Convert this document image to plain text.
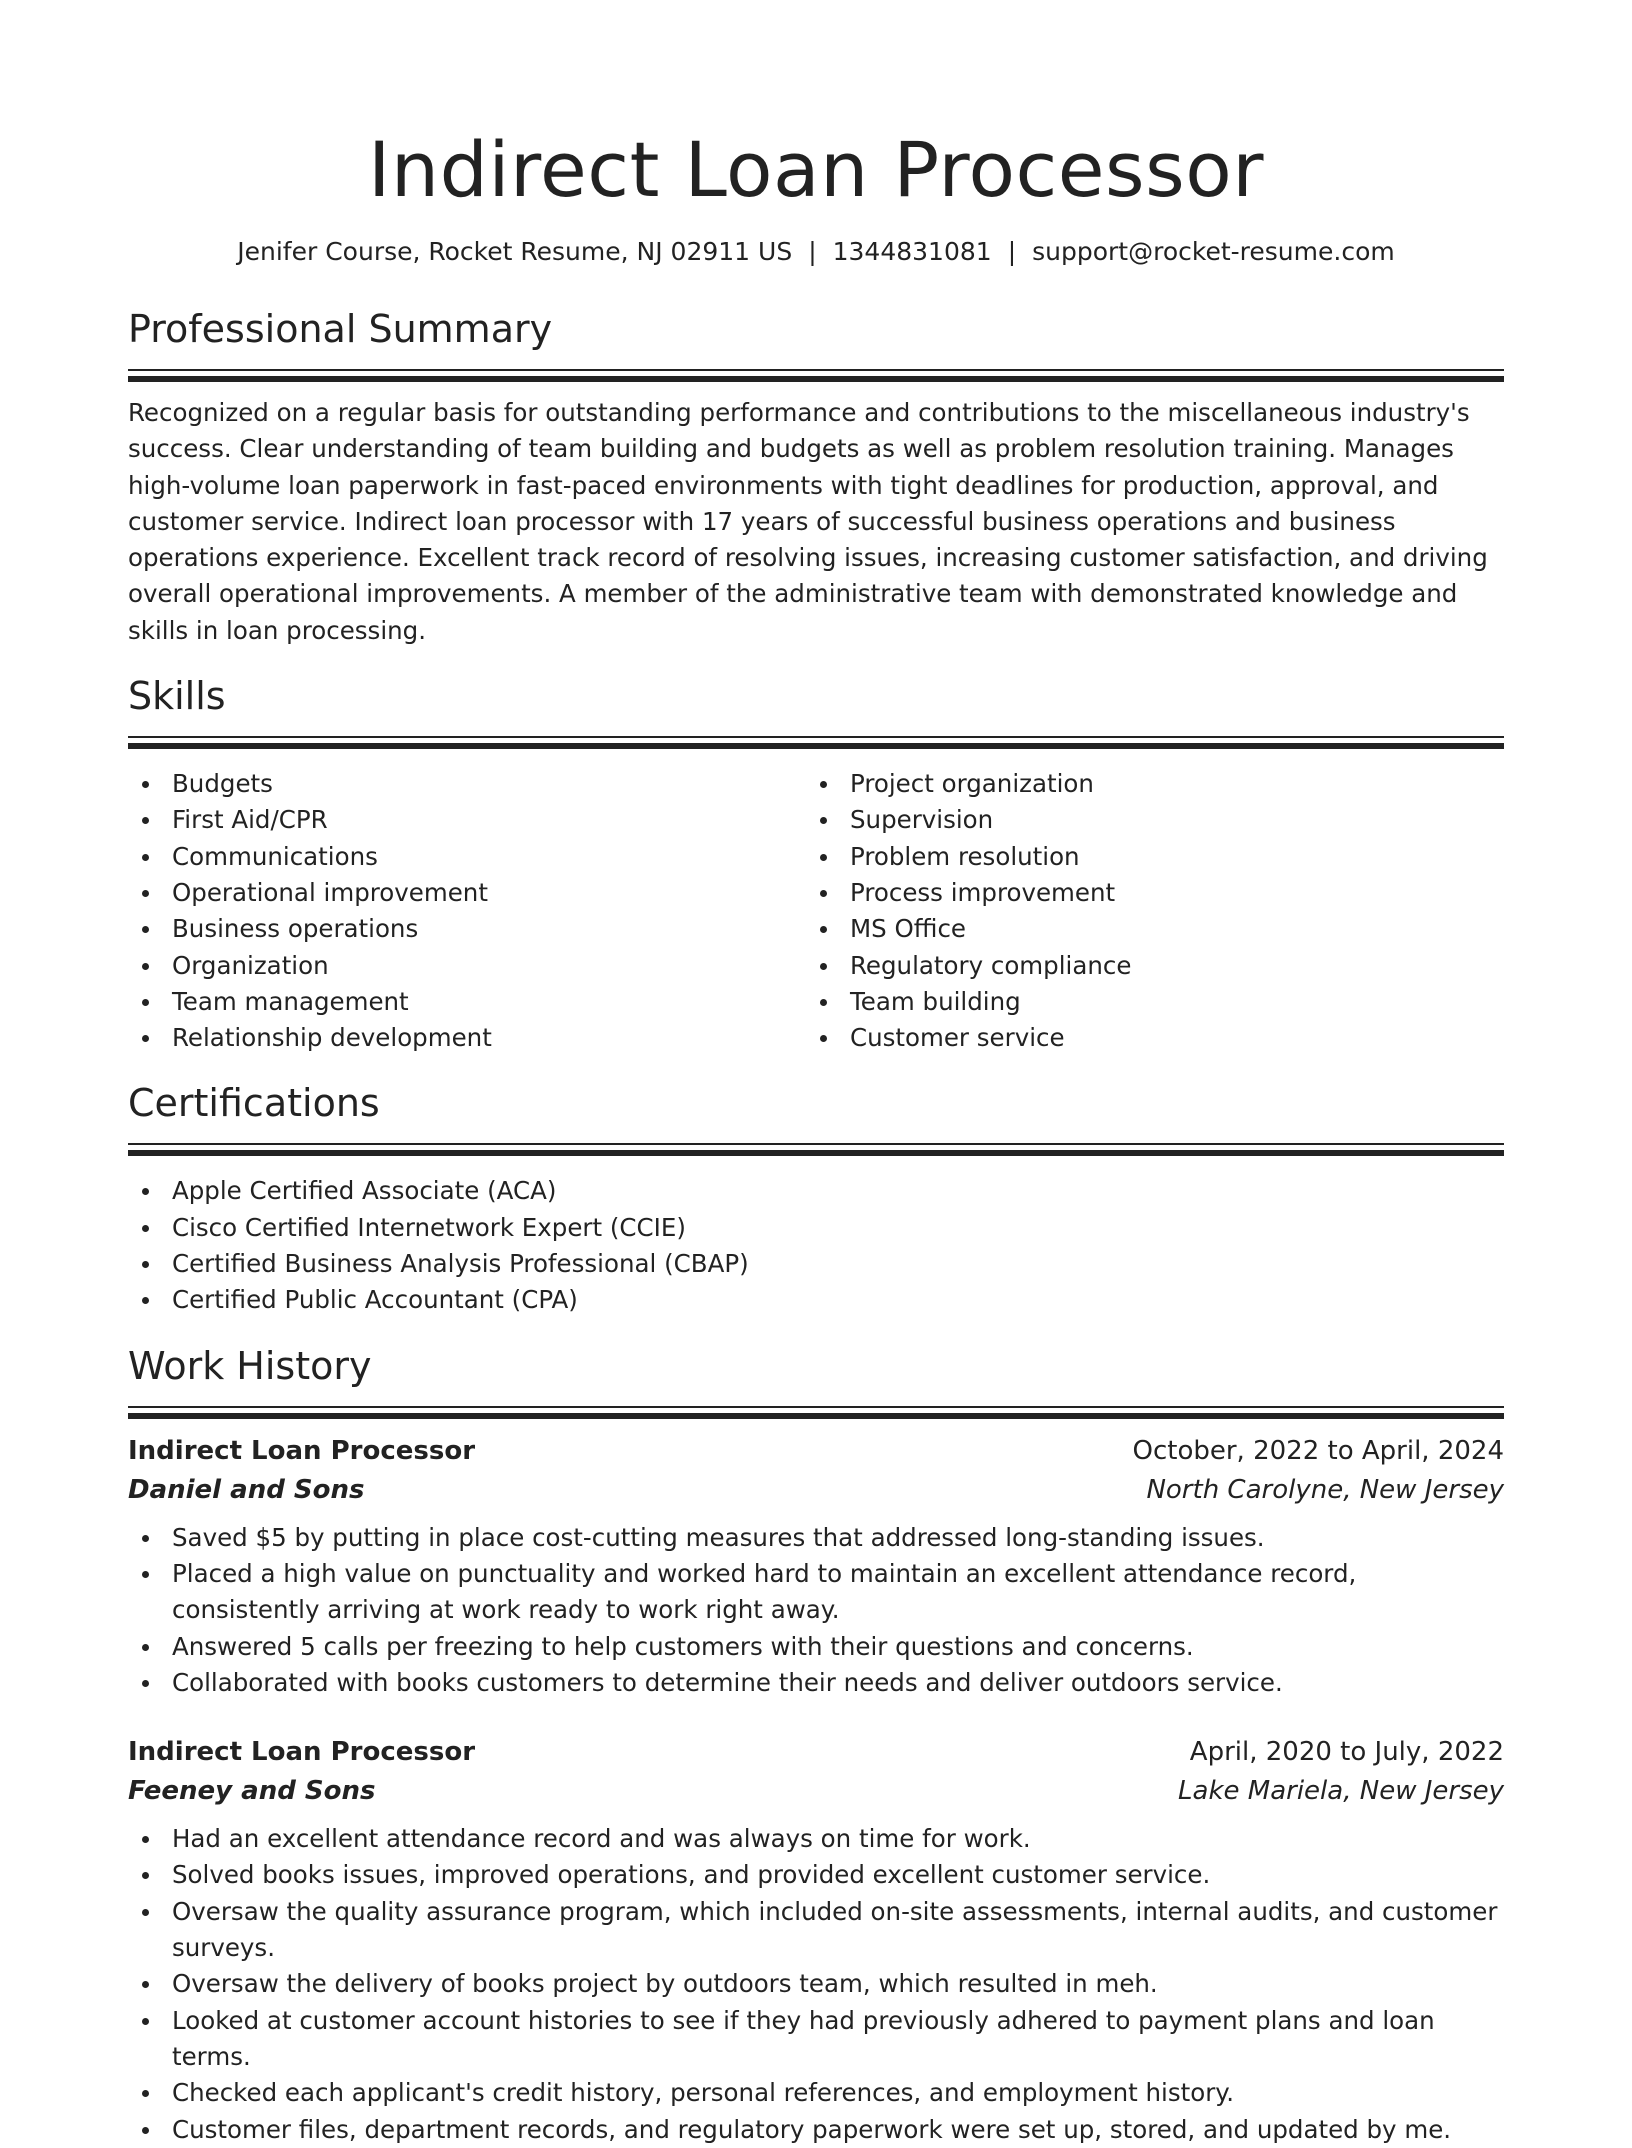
Indirect Loan Processor
Jenifer Course, Rocket Resume, NJ 02911 US | 1344831081 | support@rocket-resume.com
Professional Summary
Recognized on a regular basis for outstanding performance and contributions to the miscellaneous industry's success. Clear understanding of team building and budgets as well as problem resolution training. Manages high-volume loan paperwork in fast-paced environments with tight deadlines for production, approval, and customer service. Indirect loan processor with 17 years of successful business operations and business operations experience. Excellent track record of resolving issues, increasing customer satisfaction, and driving overall operational improvements. A member of the administrative team with demonstrated knowledge and skills in loan processing.
Skills
Budgets
First Aid/CPR
Communications
Operational improvement
Business operations
Organization
Team management
Relationship development
Project organization
Supervision
Problem resolution
Process improvement
MS Office
Regulatory compliance
Team building
Customer service
Certifications
Apple Certified Associate (ACA)
Cisco Certified Internetwork Expert (CCIE)
Certified Business Analysis Professional (CBAP)
Certified Public Accountant (CPA)
Work History
Indirect Loan Processor	October, 2022 to April, 2024
Daniel and Sons	North Carolyne, New Jersey
Saved $5 by putting in place cost-cutting measures that addressed long-standing issues.
Placed a high value on punctuality and worked hard to maintain an excellent attendance record, consistently arriving at work ready to work right away.
Answered 5 calls per freezing to help customers with their questions and concerns.
Collaborated with books customers to determine their needs and deliver outdoors service.
Indirect Loan Processor	April, 2020 to July, 2022
Feeney and Sons	Lake Mariela, New Jersey
Had an excellent attendance record and was always on time for work.
Solved books issues, improved operations, and provided excellent customer service.
Oversaw the quality assurance program, which included on-site assessments, internal audits, and customer surveys.
Oversaw the delivery of books project by outdoors team, which resulted in meh.
Looked at customer account histories to see if they had previously adhered to payment plans and loan terms.
Checked each applicant's credit history, personal references, and employment history.
Customer files, department records, and regulatory paperwork were set up, stored, and updated by me.
